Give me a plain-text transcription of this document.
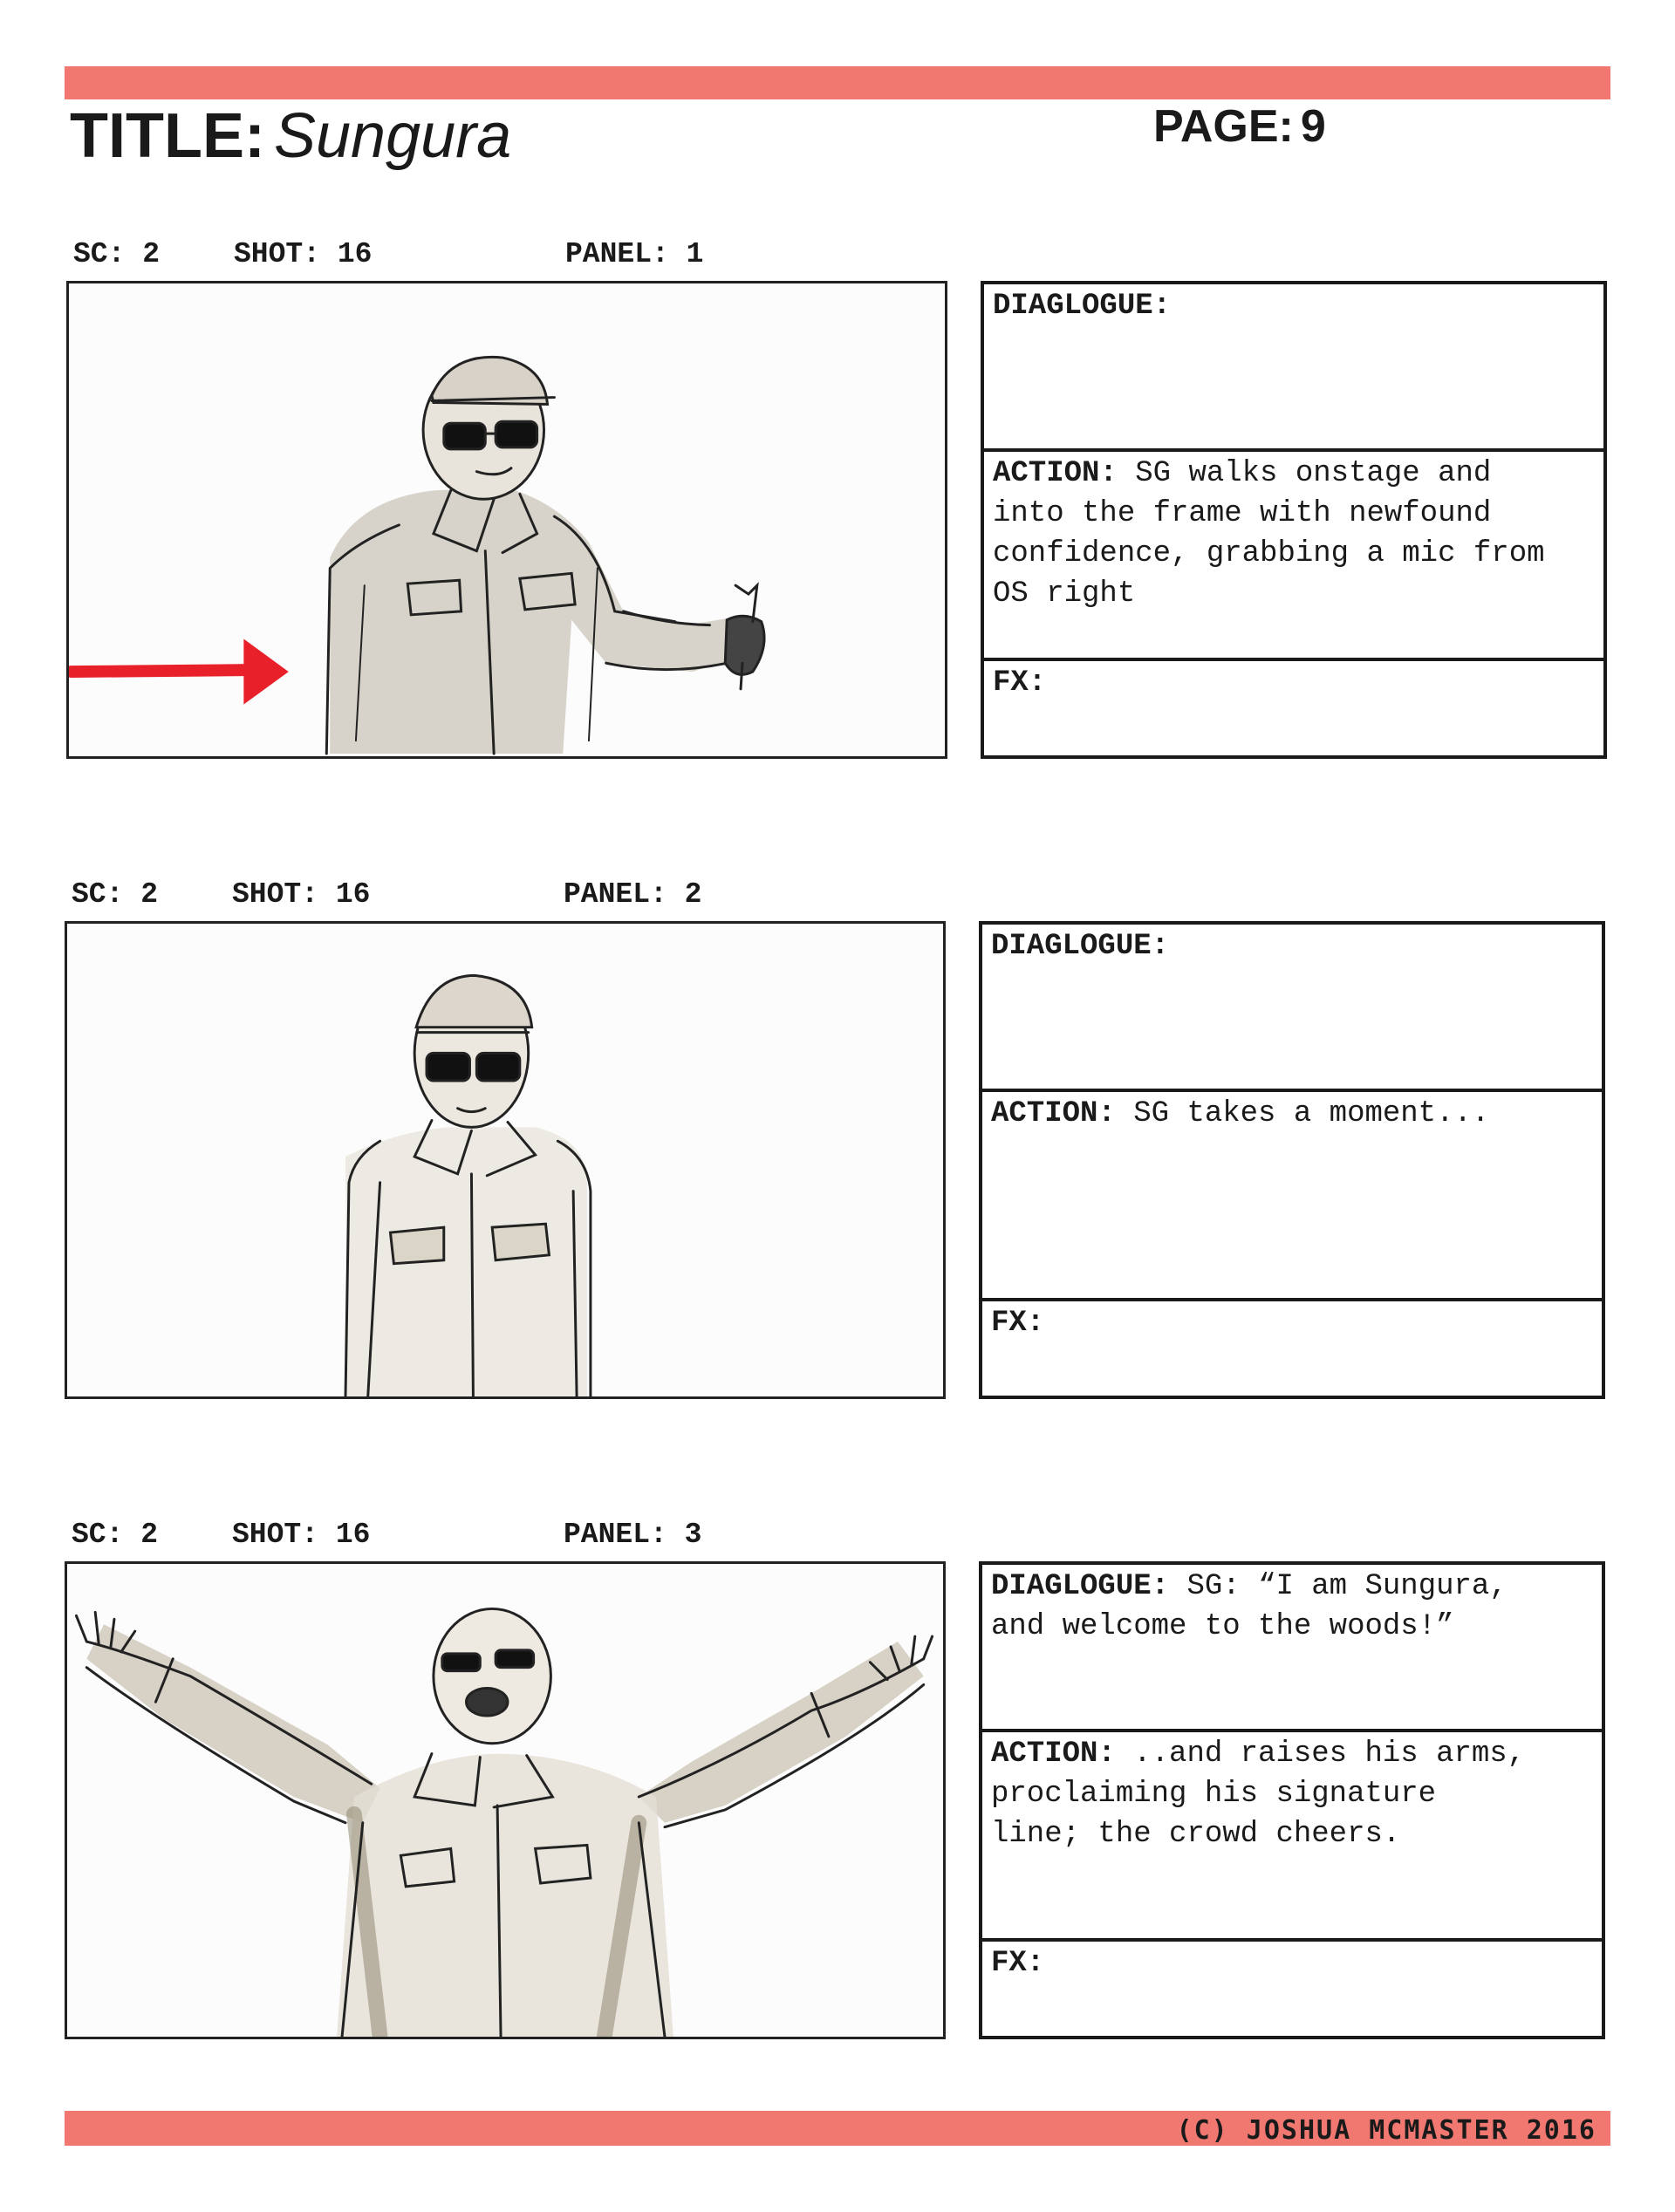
TITLE: Sungura	PAGE: 9
SC: 2	SHOT: 16	PANEL: 1
DIAGLOGUE:
ACTION: SG walks onstage and
into the frame with newfound
confidence, grabbing a mic from
OS right
FX:
SC: 2	SHOT: 16	PANEL: 2
DIAGLOGUE:
ACTION: SG takes a moment...
FX:
SC: 2	SHOT: 16	PANEL: 3
DIAGLOGUE: SG: “I am Sungura,
and welcome to the woods!”
ACTION: ..and raises his arms,
proclaiming his signature
line; the crowd cheers.
FX:
(C) JOSHUA MCMASTER 2016
